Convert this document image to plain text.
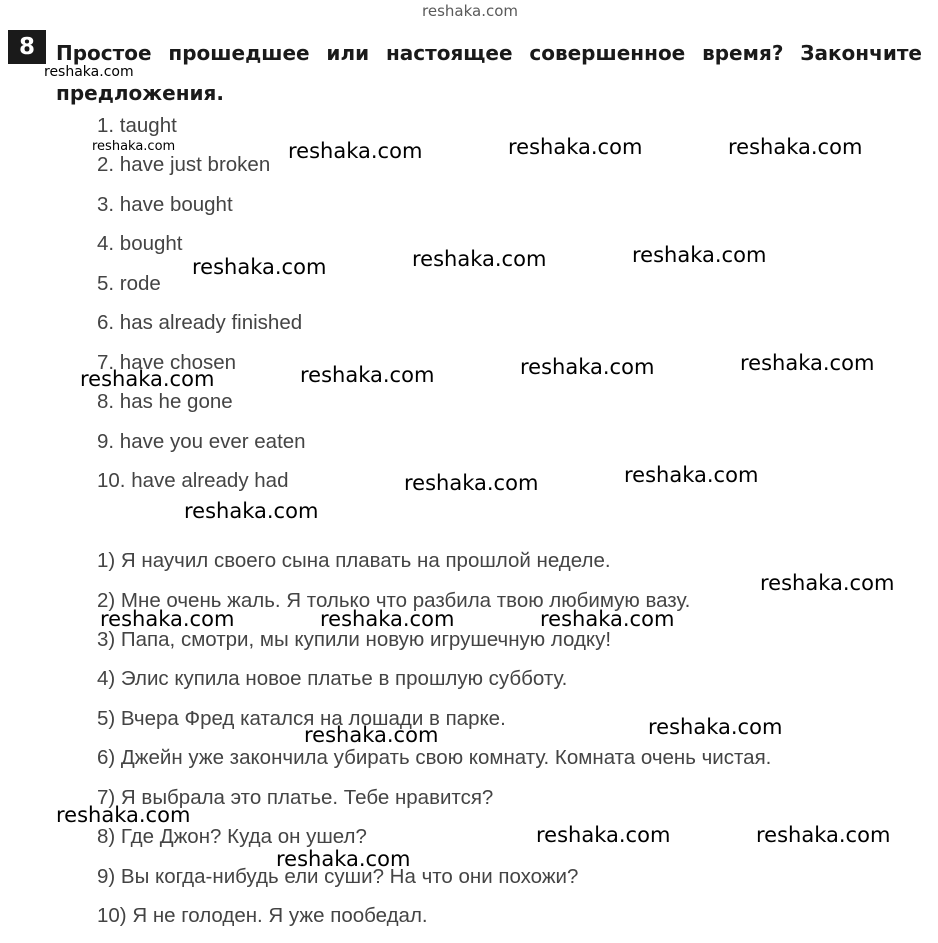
8	Простое прошедшее или настоящее совершенное время? Закончите предложения.
1. taught
2. have just broken
3. have bought
4. bought
5. rode
6. has already finished
7. have chosen
8. has he gone
9. have you ever eaten
10. have already had
1) Я научил своего сына плавать на прошлой неделе.
2) Мне очень жаль. Я только что разбила твою любимую вазу.
3) Папа, смотри, мы купили новую игрушечную лодку!
4) Элис купила новое платье в прошлую субботу.
5) Вчера Фред катался на лошади в парке.
6) Джейн уже закончила убирать свою комнату. Комната очень чистая.
7) Я выбрала это платье. Тебе нравится?
8) Где Джон? Куда он ушел?
9) Вы когда-нибудь ели суши? На что они похожи?
10) Я не голоден. Я уже пообедал.
reshaka.com
reshaka.com
reshaka.com	reshaka.com	reshaka.com	reshaka.com
reshaka.com	reshaka.com	reshaka.com
reshaka.com	reshaka.com	reshaka.com	reshaka.com
reshaka.com	reshaka.com
reshaka.com
reshaka.com
reshaka.com	reshaka.com	reshaka.com
reshaka.com
reshaka.com
reshaka.com
reshaka.com	reshaka.com
reshaka.com
